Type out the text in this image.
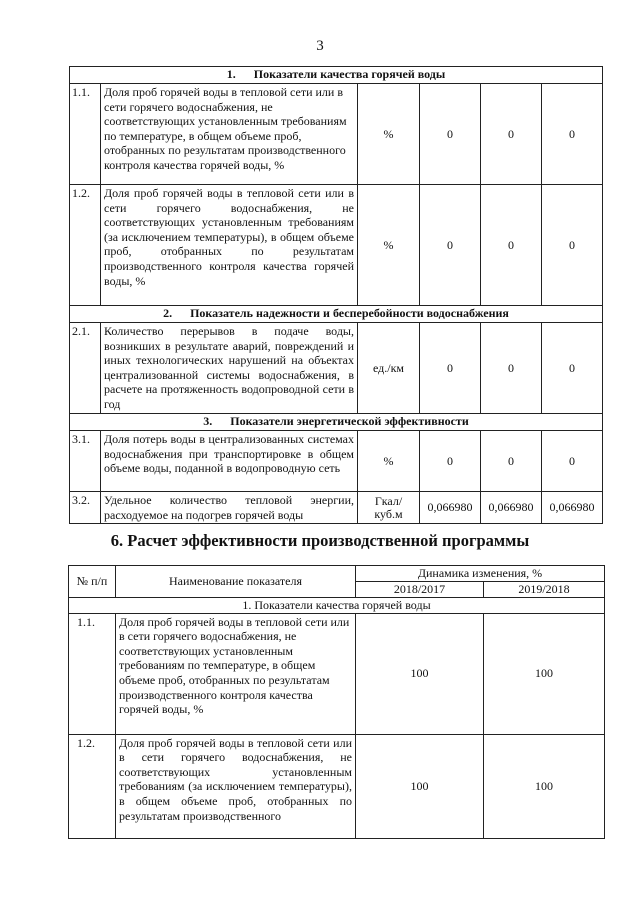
3
1.      Показатели качества горячей воды					
1.1.	Доля проб горячей воды в тепловой сети или в сети горячего водоснабжения, не соответствующих установленным требованиям по температуре, в общем объеме проб, отобранных по результатам производственного контроля качества горячей воды, %	%	0	0	0
1.2.	Доля проб горячей воды в тепловой сети или в сети горячего водоснабжения, не соответствующих установленным требованиям (за исключением температуры), в общем объеме проб, отобранных по результатам производственного контроля качества горячей воды, %	%	0	0	0
2.      Показатель надежности и бесперебойности водоснабжения					
2.1.	Количество перерывов в подаче воды, возникших в результате аварий, повреждений и иных технологических нарушений на объектах централизованной системы водоснабжения, в расчете на протяженность водопроводной сети в год	ед./км	0	0	0
3.      Показатели энергетической эффективности					
3.1.	Доля потерь воды в централизованных системах водоснабжения при транспортировке в общем объеме воды, поданной в водопроводную сеть	%	0	0	0
3.2.	Удельное количество тепловой энергии, расходуемое на подогрев горячей воды	Гкал/ куб.м	0,066980	0,066980	0,066980
6. Расчет эффективности производственной программы
№ п/п	Наименование показателя	Динамика изменения, %	
		2018/2017	2019/2018
1. Показатели качества горячей воды			
1.1.	Доля проб горячей воды в тепловой сети или в сети горячего водоснабжения, не соответствующих установленным требованиям по температуре, в общем объеме проб, отобранных по результатам производственного контроля качества горячей воды, %	100	100
1.2.	Доля проб горячей воды в тепловой сети или в сети горячего водоснабжения, не соответствующих установленным требованиям (за исключением температуры), в общем объеме проб, отобранных по результатам производственного	100	100
